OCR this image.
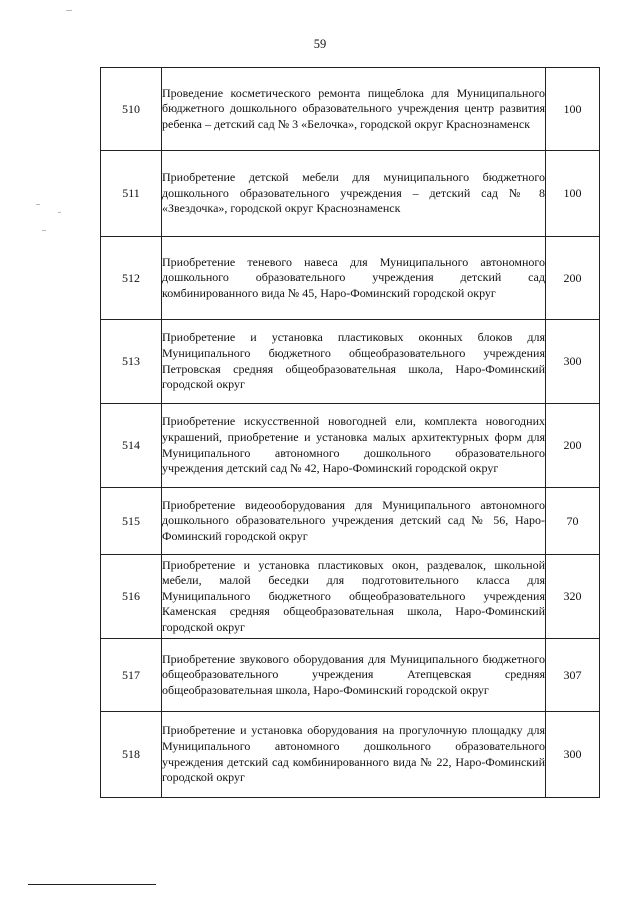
59
510	Проведение косметического ремонта пищеблока для Муниципального бюджетного дошкольного образовательного учреждения центр развития ребенка – детский сад № 3 «Белочка», городской округ Краснознаменск	100
511	Приобретение детской мебели для муниципального бюджетного дошкольного образовательного учреждения – детский сад № 8 «Звездочка», городской округ Краснознаменск	100
512	Приобретение теневого навеса для Муниципального автономного дошкольного образовательного учреждения детский сад комбинированного вида № 45, Наро-Фоминский городской округ	200
513	Приобретение и установка пластиковых оконных блоков для Муниципального бюджетного общеобразовательного учреждения Петровская средняя общеобразовательная школа, Наро-Фоминский городской округ	300
514	Приобретение искусственной новогодней ели, комплекта новогодних украшений, приобретение и установка малых архитектурных форм для Муниципального автономного дошкольного образовательного учреждения детский сад № 42, Наро-Фоминский городской округ	200
515	Приобретение видеооборудования для Муниципального автономного дошкольного образовательного учреждения детский сад № 56, Наро-Фоминский городской округ	70
516	Приобретение и установка пластиковых окон, раздевалок, школьной мебели, малой беседки для подготовительного класса для Муниципального бюджетного общеобразовательного учреждения Каменская средняя общеобразовательная школа, Наро-Фоминский городской округ	320
517	Приобретение звукового оборудования для Муниципального бюджетного общеобразовательного учреждения Атепцевская средняя общеобразовательная школа, Наро-Фоминский городской округ	307
518	Приобретение и установка оборудования на прогулочную площадку для Муниципального автономного дошкольного образовательного учреждения детский сад комбинированного вида № 22, Наро-Фоминский городской округ	300
